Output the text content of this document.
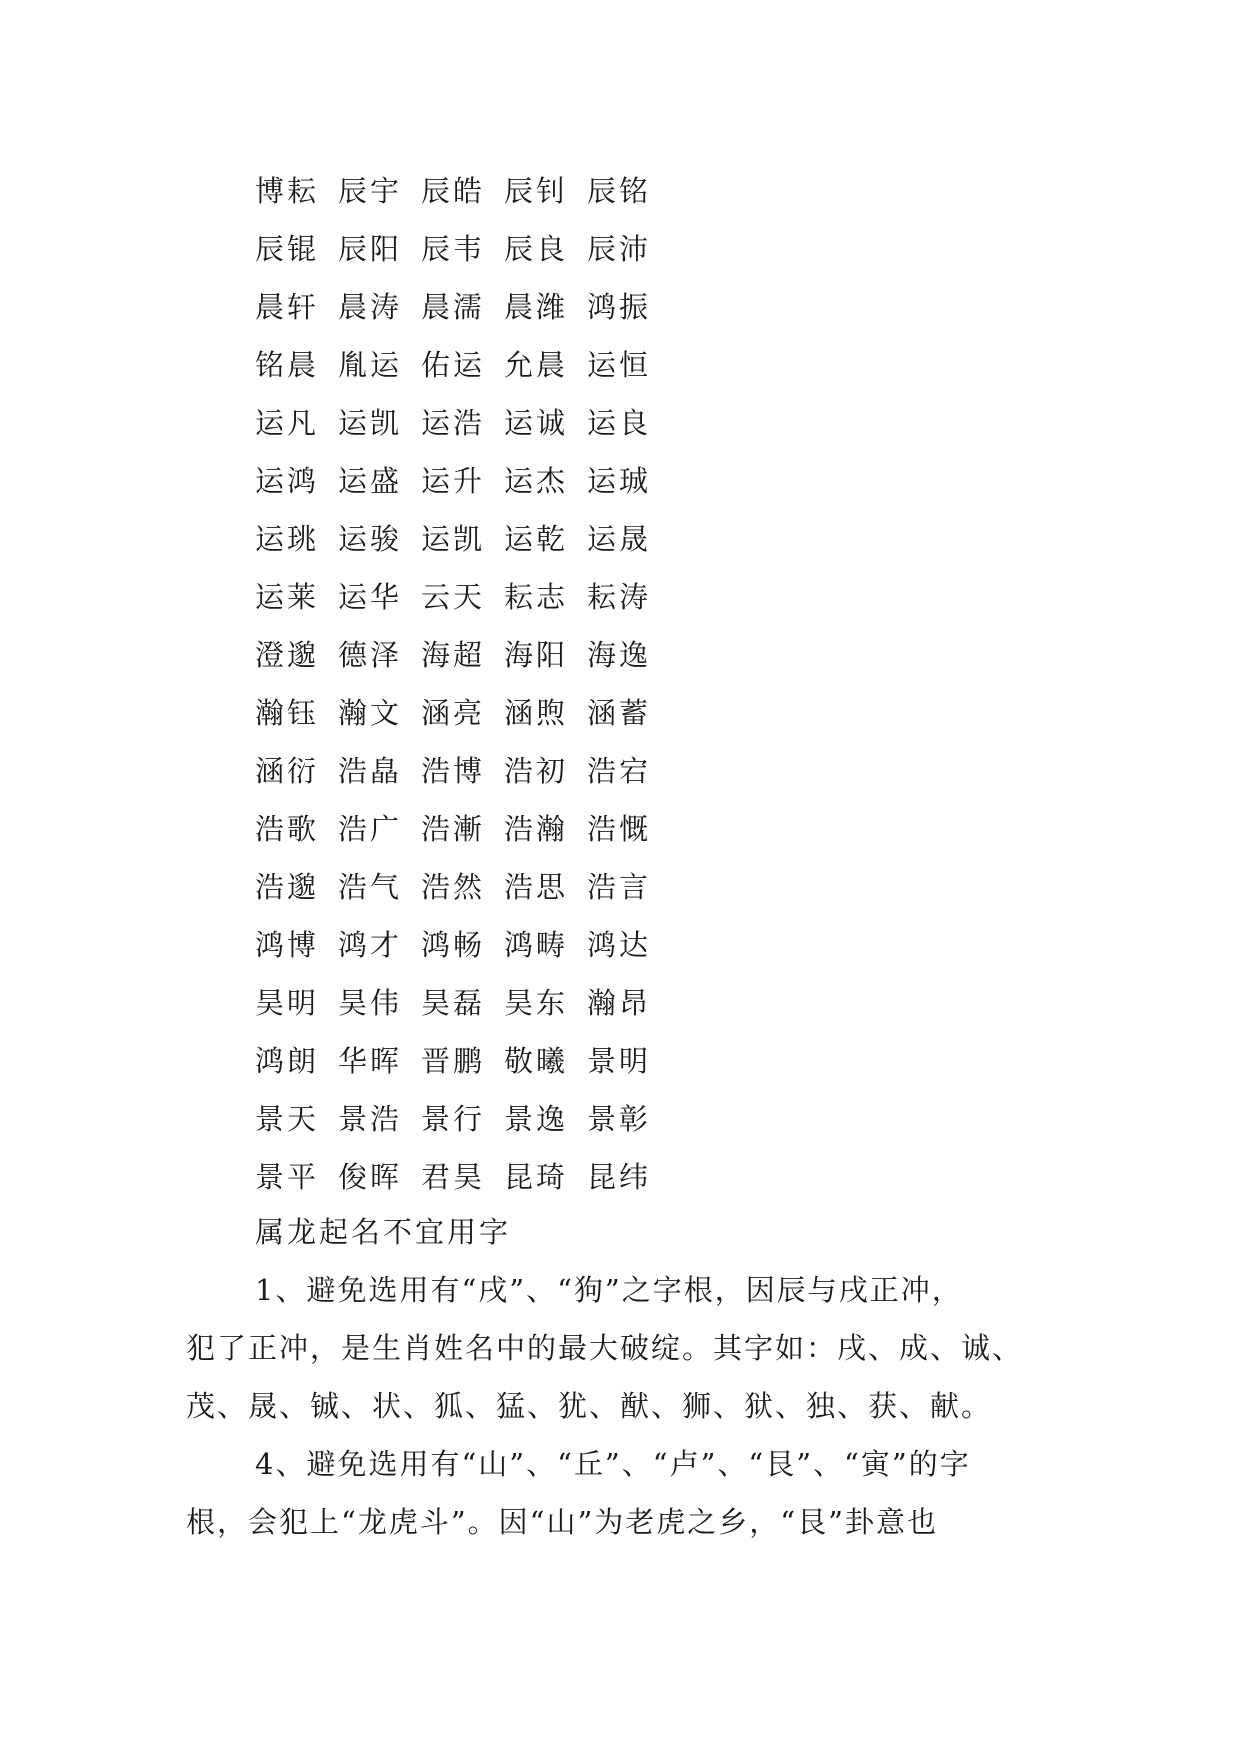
博耘 辰宇 辰皓 辰钊 辰铭
辰锟 辰阳 辰韦 辰良 辰沛
晨轩 晨涛 晨濡 晨潍 鸿振
铭晨 胤运 佑运 允晨 运恒
运凡 运凯 运浩 运诚 运良
运鸿 运盛 运升 运杰 运珹
运珧 运骏 运凯 运乾 运晟
运莱 运华 云天 耘志 耘涛
澄邈 德泽 海超 海阳 海逸
瀚钰 瀚文 涵亮 涵煦 涵蓄
涵衍 浩皛 浩博 浩初 浩宕
浩歌 浩广 浩漸 浩瀚 浩慨
浩邈 浩气 浩然 浩思 浩言
鸿博 鸿才 鸿畅 鸿畴 鸿达
昊明 昊伟 昊磊 昊东 瀚昂
鸿朗 华晖 晋鹏 敬曦 景明
景天 景浩 景行 景逸 景彰
景平 俊晖 君昊 昆琦 昆纬
属龙起名不宜用字
1、避免选用有“戌”、“狗”之字根，因辰与戌正冲，
犯了正冲，是生肖姓名中的最大破绽。其字如：戌、成、诚、
茂、晟、铖、状、狐、猛、犹、猷、狮、狱、独、获、献。
4、避免选用有“山”、“丘”、“卢”、“艮”、“寅”的字
根，会犯上“龙虎斗”。因“山”为老虎之乡，“艮”卦意也
